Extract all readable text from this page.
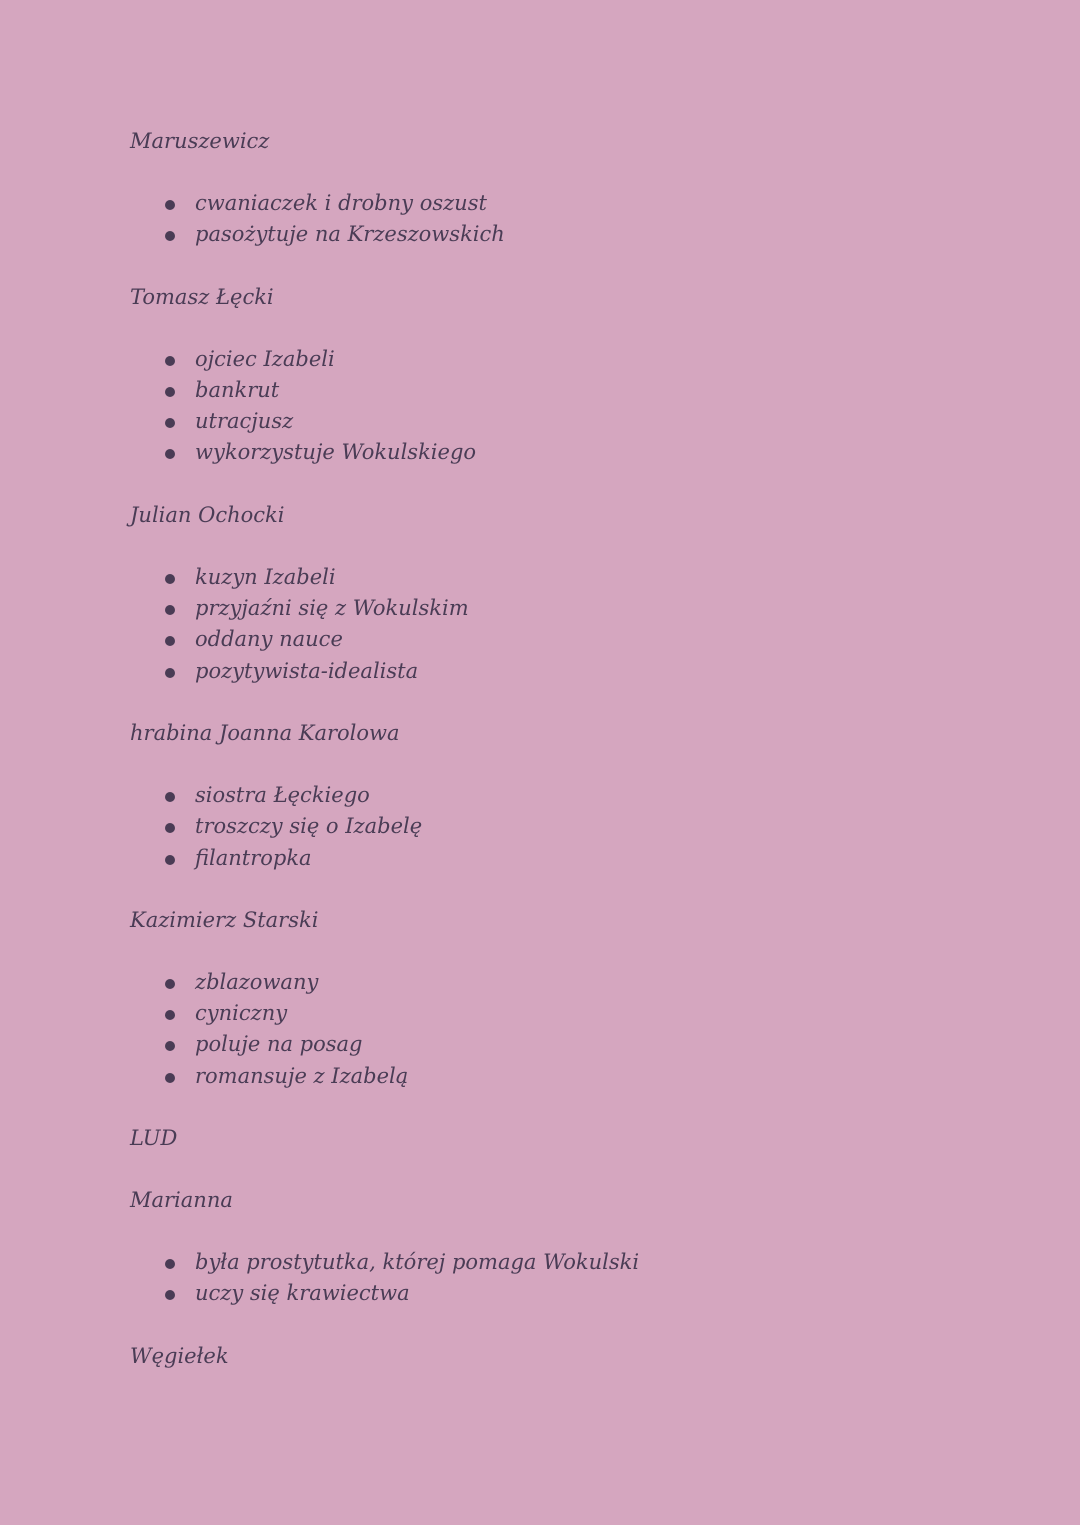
Maruszewicz
cwaniaczek i drobny oszust
pasożytuje na Krzeszowskich
Tomasz Łęcki
ojciec Izabeli
bankrut
utracjusz
wykorzystuje Wokulskiego
Julian Ochocki
kuzyn Izabeli
przyjaźni się z Wokulskim
oddany nauce
pozytywista-idealista
hrabina Joanna Karolowa
siostra Łęckiego
troszczy się o Izabelę
filantropka
Kazimierz Starski
zblazowany
cyniczny
poluje na posag
romansuje z Izabelą
LUD
Marianna
była prostytutka, której pomaga Wokulski
uczy się krawiectwa
Węgiełek
